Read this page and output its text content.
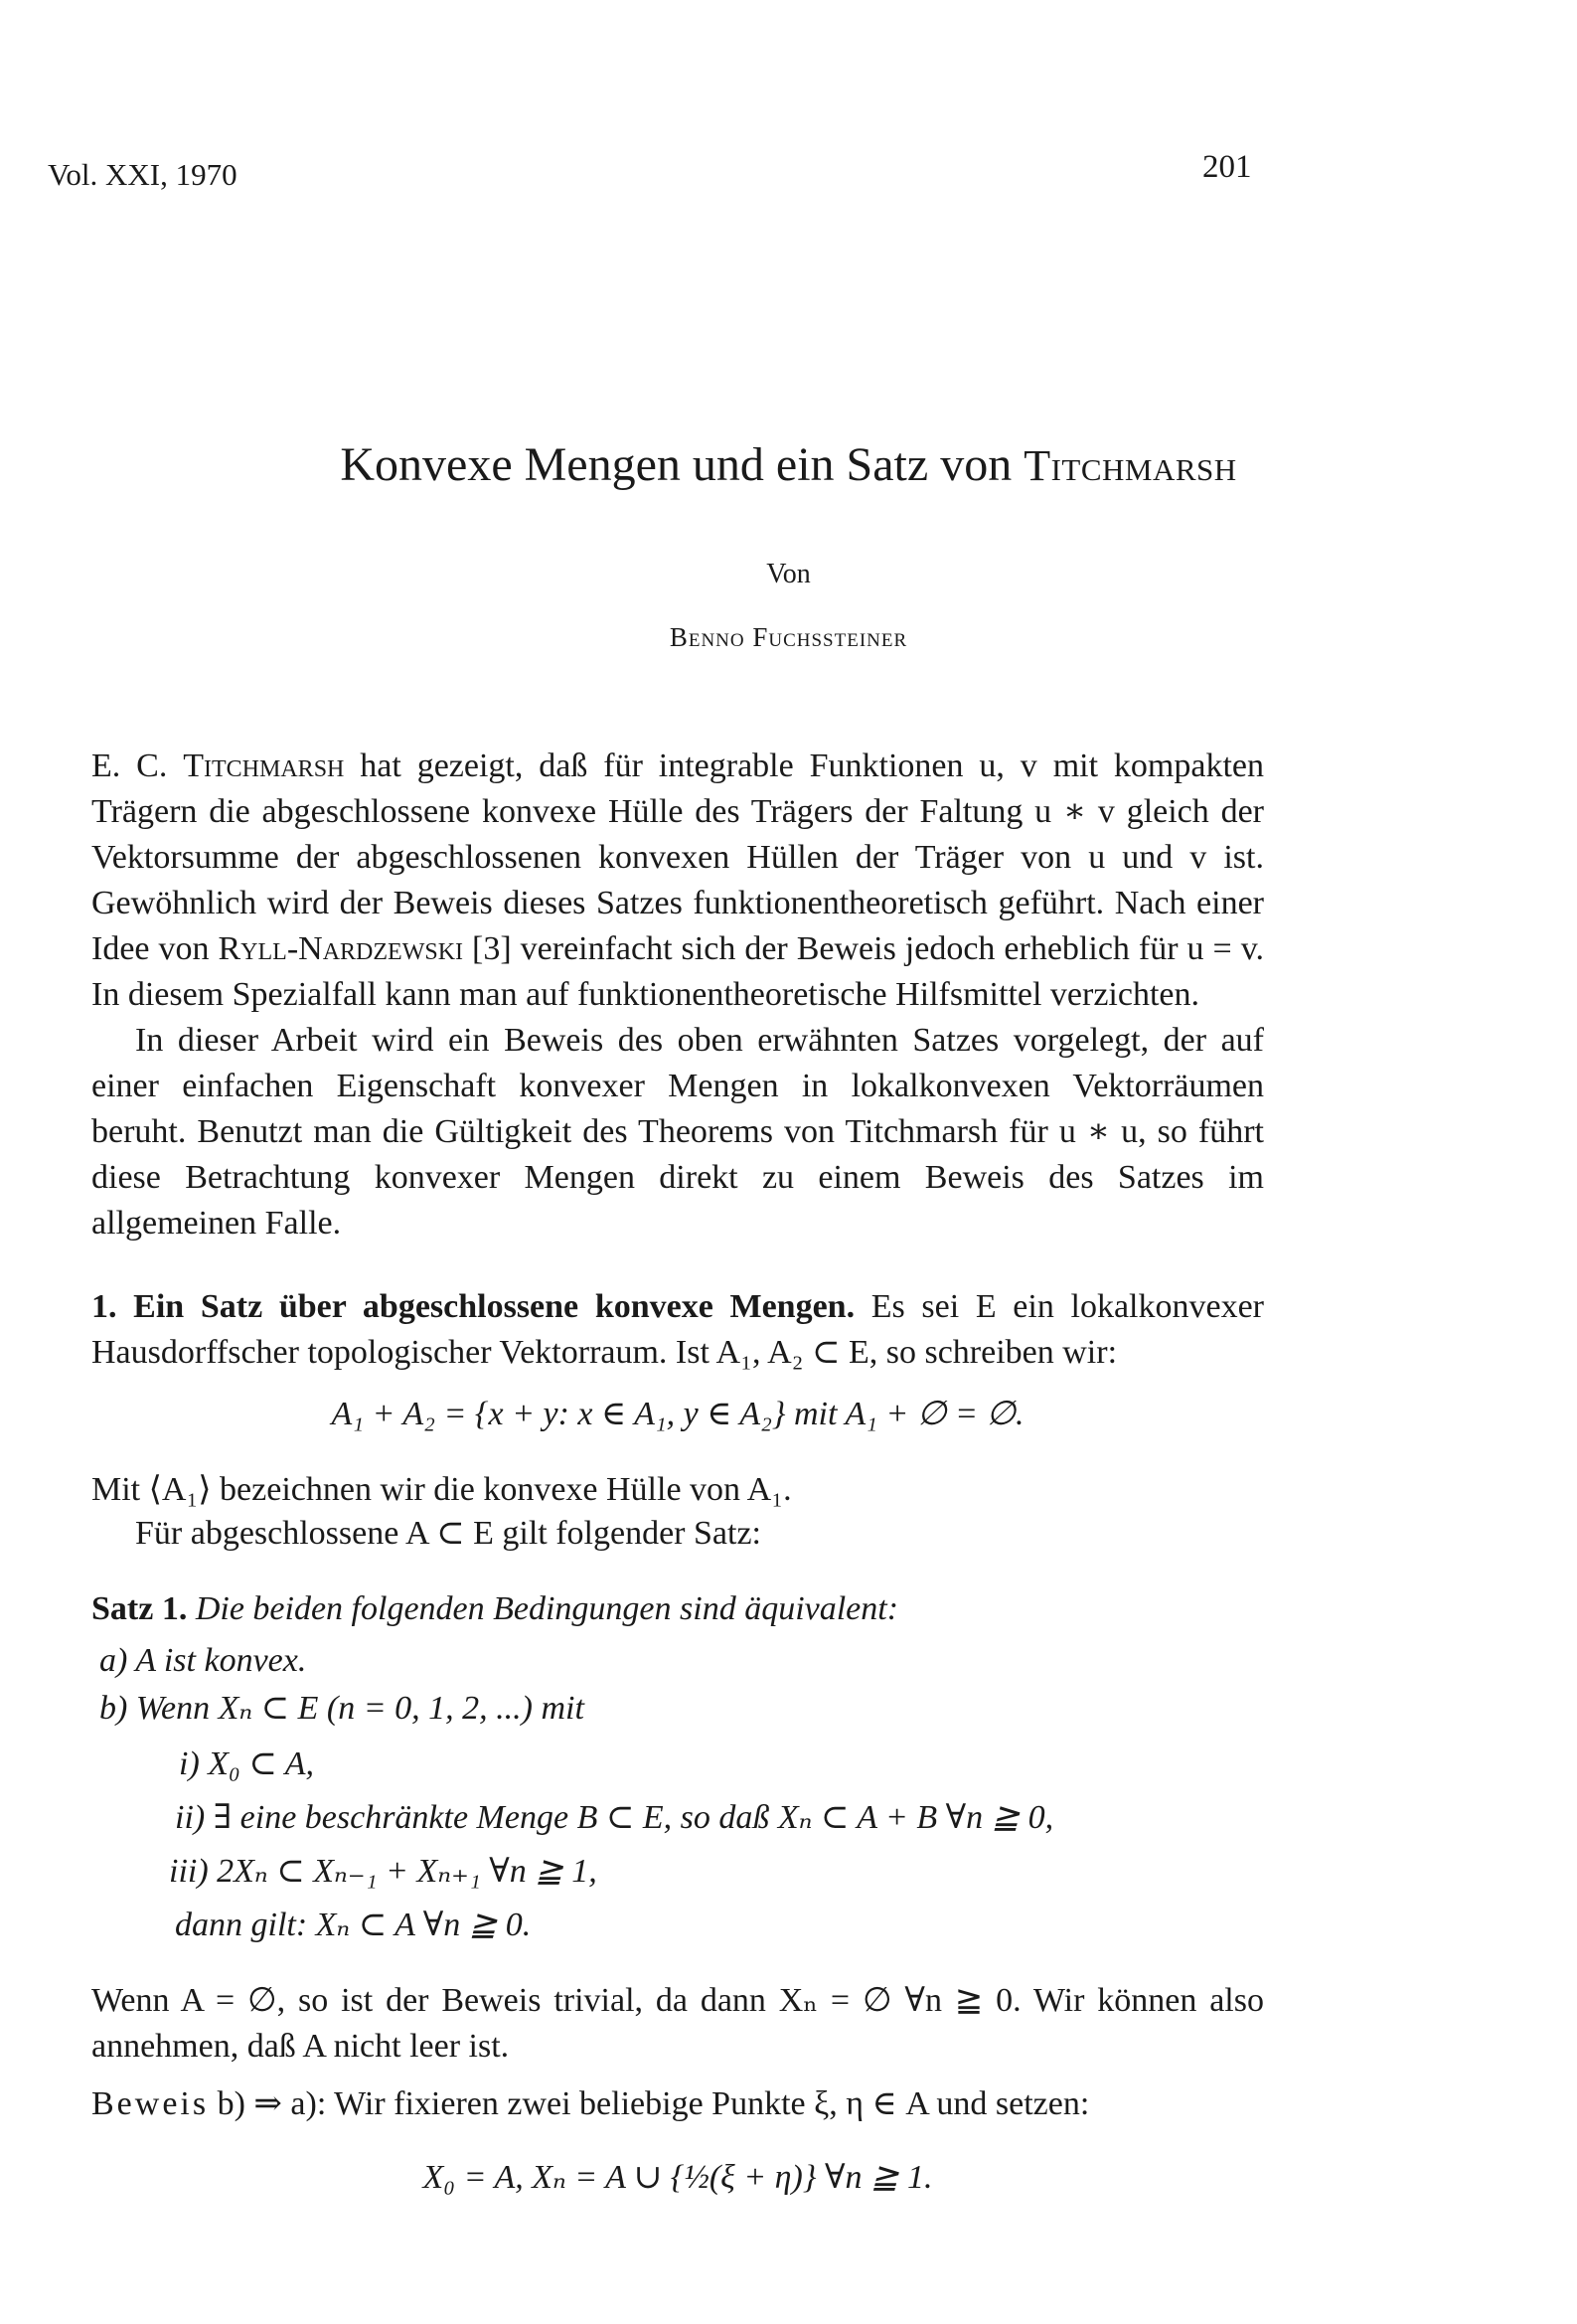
Vol. XXI, 1970	201
Konvexe Mengen und ein Satz von Titchmarsh
Von
Benno Fuchssteiner

E. C. Titchmarsh hat gezeigt, daß für integrable Funktionen u, v mit kompakten Trägern die abgeschlossene konvexe Hülle des Trägers der Faltung u ∗ v gleich der Vektorsumme der abgeschlossenen konvexen Hüllen der Träger von u und v ist. Gewöhnlich wird der Beweis dieses Satzes funktionentheoretisch geführt. Nach einer Idee von Ryll-Nardzewski [3] vereinfacht sich der Beweis jedoch erheblich für u = v. In diesem Spezialfall kann man auf funktionentheoretische Hilfsmittel verzichten.

In dieser Arbeit wird ein Beweis des oben erwähnten Satzes vorgelegt, der auf einer einfachen Eigenschaft konvexer Mengen in lokalkonvexen Vektorräumen beruht. Benutzt man die Gültigkeit des Theorems von Titchmarsh für u ∗ u, so führt diese Betrachtung konvexer Mengen direkt zu einem Beweis des Satzes im allgemeinen Falle.

1. Ein Satz über abgeschlossene konvexe Mengen. Es sei E ein lokalkonvexer Hausdorffscher topologischer Vektorraum. Ist A₁, A₂ ⊂ E, so schreiben wir:

A₁ + A₂ = {x + y: x ∈ A₁, y ∈ A₂} mit A₁ + ∅ = ∅.
Mit ⟨A₁⟩ bezeichnen wir die konvexe Hülle von A₁.
Für abgeschlossene A ⊂ E gilt folgender Satz:

Satz 1. Die beiden folgenden Bedingungen sind äquivalent:

a) A ist konvex.
b) Wenn Xₙ ⊂ E (n = 0, 1, 2, ...) mit
i) X₀ ⊂ A,
ii) ∃ eine beschränkte Menge B ⊂ E, so daß Xₙ ⊂ A + B ∀n ≧ 0,
iii) 2Xₙ ⊂ Xₙ₋₁ + Xₙ₊₁ ∀n ≧ 1,
dann gilt: Xₙ ⊂ A ∀n ≧ 0.
Wenn A = ∅, so ist der Beweis trivial, da dann Xₙ = ∅ ∀n ≧ 0. Wir können also annehmen, daß A nicht leer ist.

Beweis b) ⇒ a): Wir fixieren zwei beliebige Punkte ξ, η ∈ A und setzen:

X₀ = A, Xₙ = A ∪ {½(ξ + η)} ∀n ≧ 1.
